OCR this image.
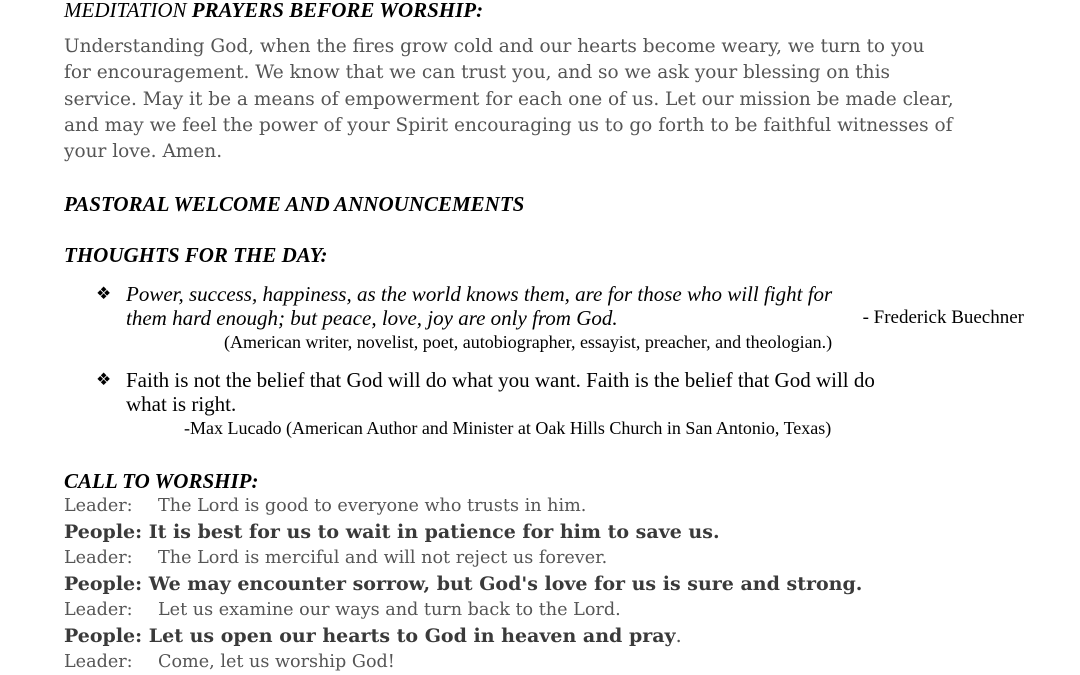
MEDITATION PRAYERS BEFORE WORSHIP:
Understanding God, when the fires grow cold and our hearts become weary, we turn to you
for encouragement. We know that we can trust you, and so we ask your blessing on this
service. May it be a means of empowerment for each one of us. Let our mission be made clear,
and may we feel the power of your Spirit encouraging us to go forth to be faithful witnesses of
your love. Amen.
PASTORAL WELCOME AND ANNOUNCEMENTS
THOUGHTS FOR THE DAY:
❖ Power, success, happiness, as the world knows them, are for those who will fight for
them hard enough; but peace, love, joy are only from God.	- Frederick Buechner
(American writer, novelist, poet, autobiographer, essayist, preacher, and theologian.)
❖ Faith is not the belief that God will do what you want. Faith is the belief that God will do
what is right.
-Max Lucado (American Author and Minister at Oak Hills Church in San Antonio, Texas)
CALL TO WORSHIP:
Leader: The Lord is good to everyone who trusts in him.
People: It is best for us to wait in patience for him to save us.
Leader: The Lord is merciful and will not reject us forever.
People: We may encounter sorrow, but God's love for us is sure and strong.
Leader: Let us examine our ways and turn back to the Lord.
People: Let us open our hearts to God in heaven and pray.
Leader: Come, let us worship God!
